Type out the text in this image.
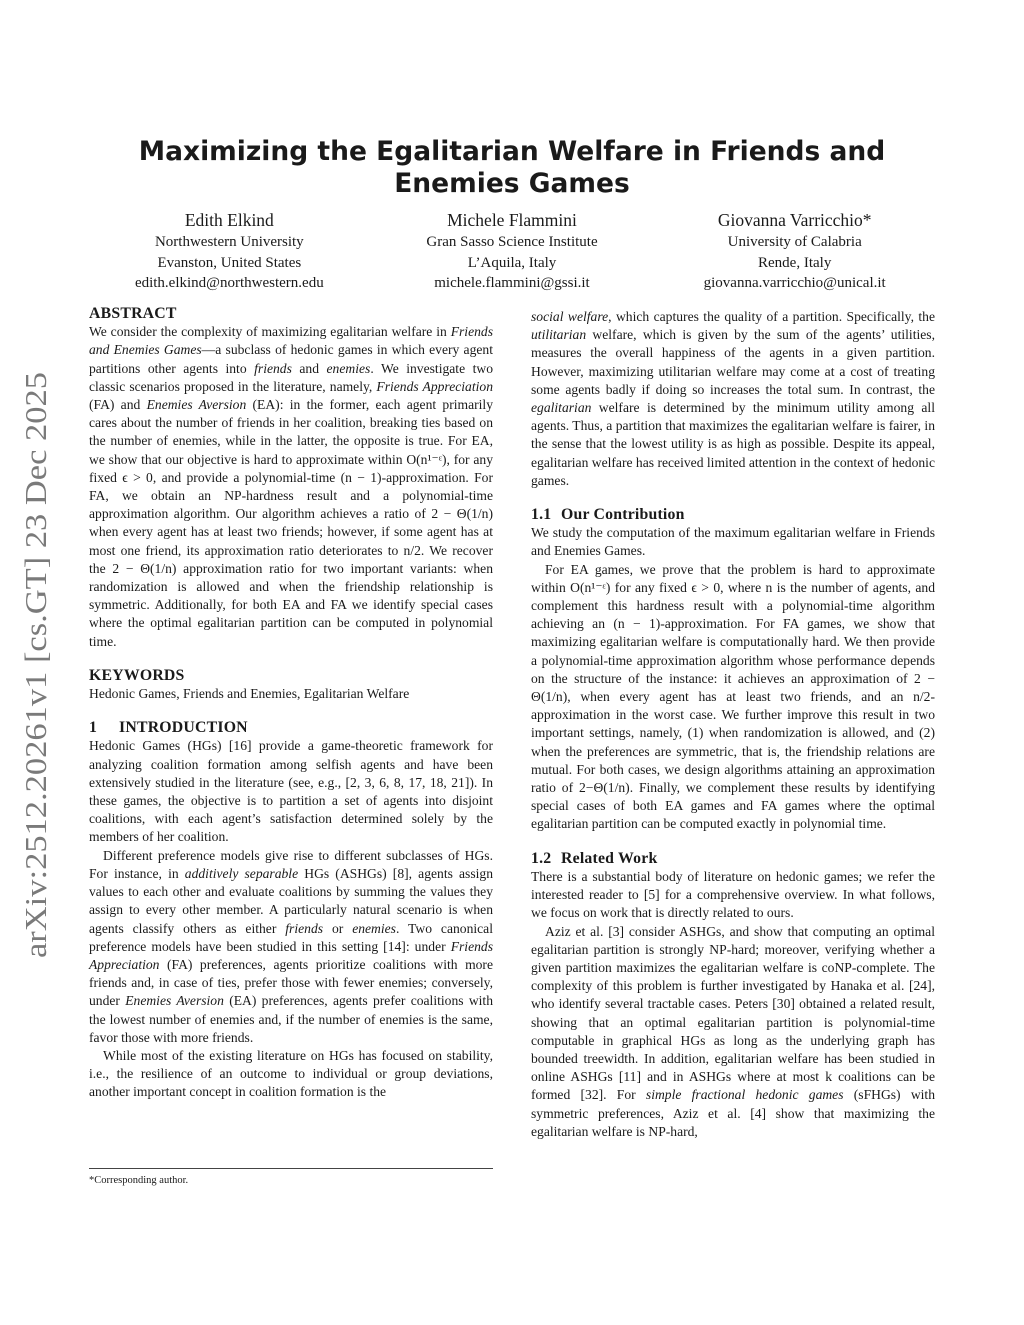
arXiv:2512.20261v1 [cs.GT] 23 Dec 2025
Maximizing the Egalitarian Welfare in Friends and Enemies Games
Edith Elkind
Northwestern University
Evanston, United States
edith.elkind@northwestern.edu
Michele Flammini
Gran Sasso Science Institute
L’Aquila, Italy
michele.flammini@gssi.it
Giovanna Varricchio*
University of Calabria
Rende, Italy
giovanna.varricchio@unical.it
ABSTRACT

We consider the complexity of maximizing egalitarian welfare in Friends and Enemies Games—a subclass of hedonic games in which every agent partitions other agents into friends and enemies. We investigate two classic scenarios proposed in the literature, namely, Friends Appreciation (FA) and Enemies Aversion (EA): in the former, each agent primarily cares about the number of friends in her coalition, breaking ties based on the number of enemies, while in the latter, the opposite is true. For EA, we show that our objective is hard to approximate within O(n¹⁻ᵋ), for any fixed ϵ > 0, and provide a polynomial-time (n − 1)-approximation. For FA, we obtain an NP-hardness result and a polynomial-time approximation algorithm. Our algorithm achieves a ratio of 2 − Θ(1/n) when every agent has at least two friends; however, if some agent has at most one friend, its approximation ratio deteriorates to n/2. We recover the 2 − Θ(1/n) approximation ratio for two important variants: when randomization is allowed and when the friendship relationship is symmetric. Additionally, for both EA and FA we identify special cases where the optimal egalitarian partition can be computed in polynomial time.

KEYWORDS

Hedonic Games, Friends and Enemies, Egalitarian Welfare

1 INTRODUCTION

Hedonic Games (HGs) [16] provide a game-theoretic framework for analyzing coalition formation among selfish agents and have been extensively studied in the literature (see, e.g., [2, 3, 6, 8, 17, 18, 21]). In these games, the objective is to partition a set of agents into disjoint coalitions, with each agent’s satisfaction determined solely by the members of her coalition.

Different preference models give rise to different subclasses of HGs. For instance, in additively separable HGs (ASHGs) [8], agents assign values to each other and evaluate coalitions by summing the values they assign to every other member. A particularly natural scenario is when agents classify others as either friends or enemies. Two canonical preference models have been studied in this setting [14]: under Friends Appreciation (FA) preferences, agents prioritize coalitions with more friends and, in case of ties, prefer those with fewer enemies; conversely, under Enemies Aversion (EA) preferences, agents prefer coalitions with the lowest number of enemies and, if the number of enemies is the same, favor those with more friends.

While most of the existing literature on HGs has focused on stability, i.e., the resilience of an outcome to individual or group deviations, another important concept in coalition formation is the

*Corresponding author.

social welfare, which captures the quality of a partition. Specifically, the utilitarian welfare, which is given by the sum of the agents’ utilities, measures the overall happiness of the agents in a given partition. However, maximizing utilitarian welfare may come at a cost of treating some agents badly if doing so increases the total sum. In contrast, the egalitarian welfare is determined by the minimum utility among all agents. Thus, a partition that maximizes the egalitarian welfare is fairer, in the sense that the lowest utility is as high as possible. Despite its appeal, egalitarian welfare has received limited attention in the context of hedonic games.

1.1 Our Contribution

We study the computation of the maximum egalitarian welfare in Friends and Enemies Games.

For EA games, we prove that the problem is hard to approximate within O(n¹⁻ᵋ) for any fixed ϵ > 0, where n is the number of agents, and complement this hardness result with a polynomial-time algorithm achieving an (n − 1)-approximation. For FA games, we show that maximizing egalitarian welfare is computationally hard. We then provide a polynomial-time approximation algorithm whose performance depends on the structure of the instance: it achieves an approximation of 2 − Θ(1/n), when every agent has at least two friends, and an n/2-approximation in the worst case. We further improve this result in two important settings, namely, (1) when randomization is allowed, and (2) when the preferences are symmetric, that is, the friendship relations are mutual. For both cases, we design algorithms attaining an approximation ratio of 2−Θ(1/n). Finally, we complement these results by identifying special cases of both EA games and FA games where the optimal egalitarian partition can be computed exactly in polynomial time.

1.2 Related Work

There is a substantial body of literature on hedonic games; we refer the interested reader to [5] for a comprehensive overview. In what follows, we focus on work that is directly related to ours.

Aziz et al. [3] consider ASHGs, and show that computing an optimal egalitarian partition is strongly NP-hard; moreover, verifying whether a given partition maximizes the egalitarian welfare is coNP-complete. The complexity of this problem is further investigated by Hanaka et al. [24], who identify several tractable cases. Peters [30] obtained a related result, showing that an optimal egalitarian partition is polynomial-time computable in graphical HGs as long as the underlying graph has bounded treewidth. In addition, egalitarian welfare has been studied in online ASHGs [11] and in ASHGs where at most k coalitions can be formed [32]. For simple fractional hedonic games (sFHGs) with symmetric preferences, Aziz et al. [4] show that maximizing the egalitarian welfare is NP-hard,
